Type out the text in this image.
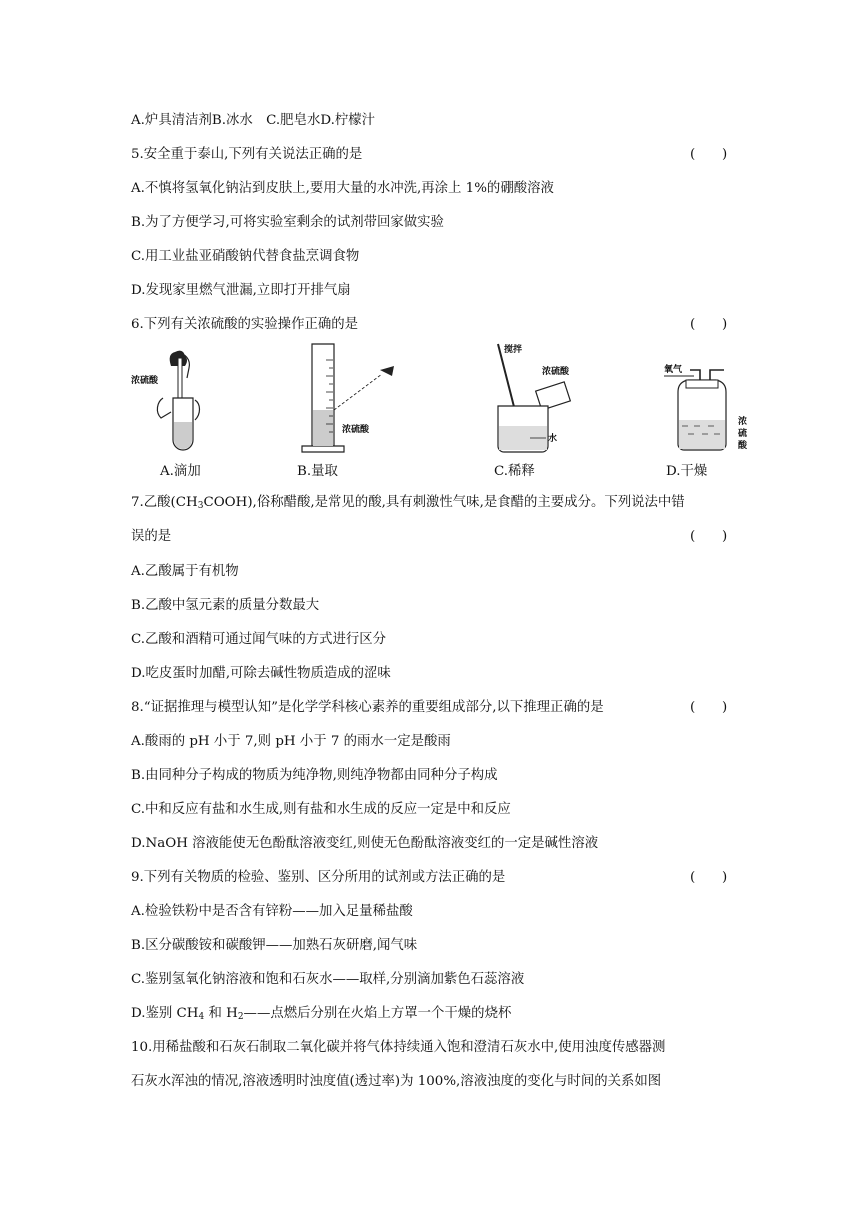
A.炉具清洁剂B.冰水　C.肥皂水D.柠檬汁
5.安全重于泰山,下列有关说法正确的是	(　　)
A.不慎将氢氧化钠沾到皮肤上,要用大量的水冲洗,再涂上 1%的硼酸溶液
B.为了方便学习,可将实验室剩余的试剂带回家做实验
C.用工业盐亚硝酸钠代替食盐烹调食物
D.发现家里燃气泄漏,立即打开排气扇
6.下列有关浓硫酸的实验操作正确的是	(　　)
浓硫酸
A.滴加
浓硫酸
B.量取
搅拌
浓硫酸
水
C.稀释
氧气
浓
硫
酸
D.干燥
7.乙酸$(CH_3COOH)$,俗称醋酸,是常见的酸,具有刺激性气味,是食醋的主要成分。下列说法中错
误的是	(　　)
A.乙酸属于有机物
B.乙酸中氢元素的质量分数最大
C.乙酸和酒精可通过闻气味的方式进行区分
D.吃皮蛋时加醋,可除去碱性物质造成的涩味
8.“证据推理与模型认知”是化学学科核心素养的重要组成部分,以下推理正确的是	(　　)
A.酸雨的 pH 小于 7,则 pH 小于 7 的雨水一定是酸雨
B.由同种分子构成的物质为纯净物,则纯净物都由同种分子构成
C.中和反应有盐和水生成,则有盐和水生成的反应一定是中和反应
D.NaOH 溶液能使无色酚酞溶液变红,则使无色酚酞溶液变红的一定是碱性溶液
9.下列有关物质的检验、鉴别、区分所用的试剂或方法正确的是	(　　)
A.检验铁粉中是否含有锌粉——加入足量稀盐酸
B.区分碳酸铵和碳酸钾——加熟石灰研磨,闻气味
C.鉴别氢氧化钠溶液和饱和石灰水——取样,分别滴加紫色石蕊溶液
D.鉴别 $CH_4$ 和 $H_2——$点燃后分别在火焰上方罩一个干燥的烧杯
10.用稀盐酸和石灰石制取二氧化碳并将气体持续通入饱和澄清石灰水中,使用浊度传感器测
石灰水浑浊的情况,溶液透明时浊度值(透过率)为 100%,溶液浊度的变化与时间的关系如图
